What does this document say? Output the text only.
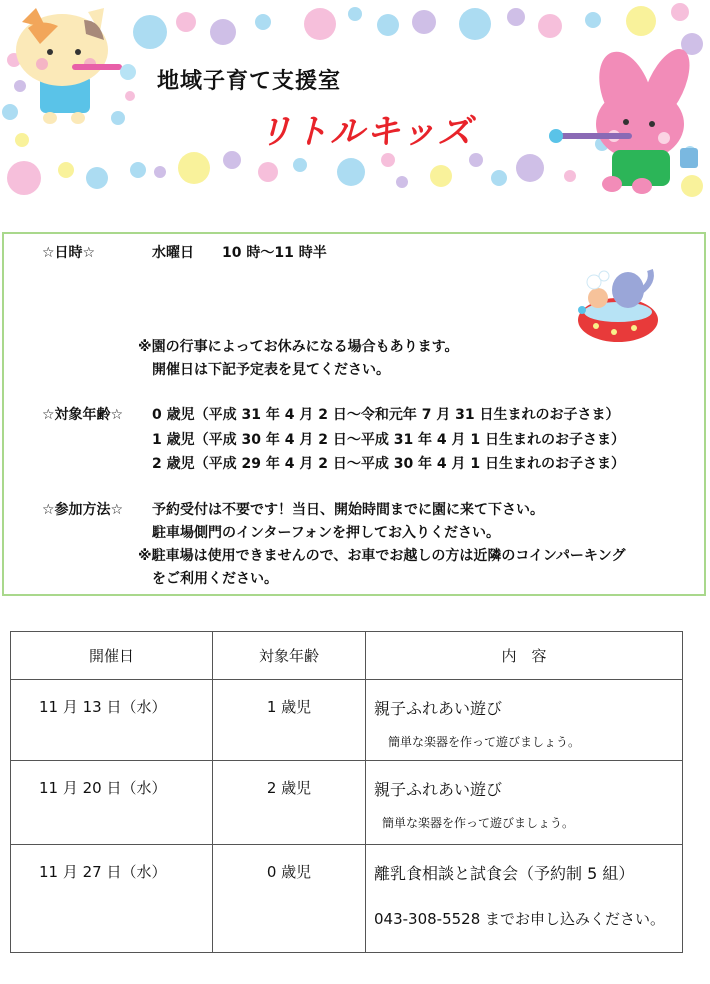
地域子育て支援室
リトルキッズ
☆日時☆	水曜日　　10 時～11 時半
※園の行事によってお休みになる場合もあります。
開催日は下記予定表を見てください。
☆対象年齢☆ 0 歳児（平成 31 年 4 月 2 日～令和元年 7 月 31 日生まれのお子さま）
1 歳児（平成 30 年 4 月 2 日～平成 31 年 4 月 1 日生まれのお子さま）
2 歳児（平成 29 年 4 月 2 日～平成 30 年 4 月 1 日生まれのお子さま）
☆参加方法☆ 予約受付は不要です！当日、開始時間までに園に来て下さい。
駐車場側門のインターフォンを押してお入りください。
※駐車場は使用できませんので、お車でお越しの方は近隣のコインパーキング
をご利用ください。
開催日	対象年齢	内　容
11 月 13 日（水）	1 歳児	親子ふれあい遊び
簡単な楽器を作って遊びましょう。

11 月 20 日（水）	2 歳児	親子ふれあい遊び
簡単な楽器を作って遊びましょう。

11 月 27 日（水）	0 歳児	離乳食相談と試食会（予約制 5 組）
043-308-5528 までお申し込みください。
